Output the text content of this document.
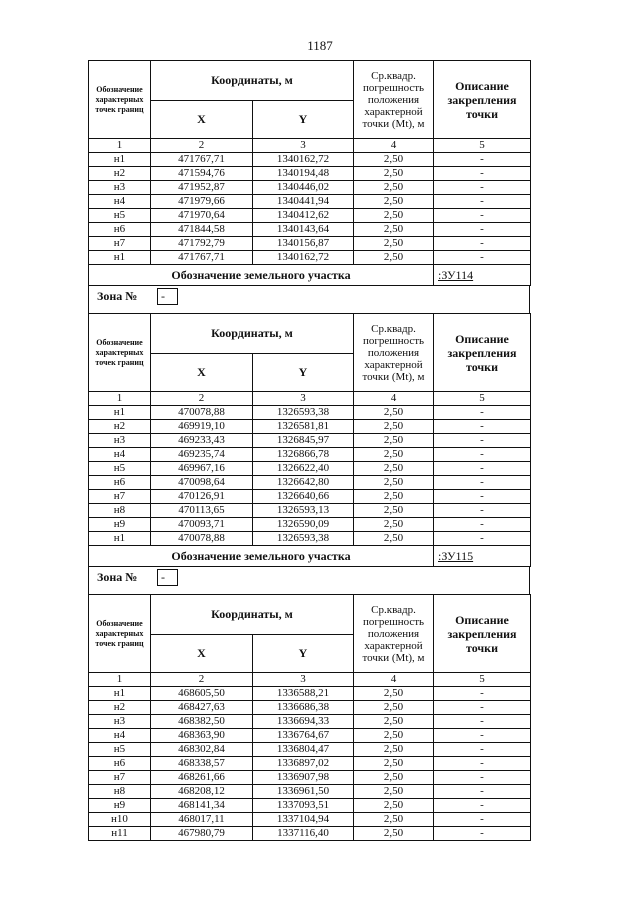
1187
Обозначение характерных точек границ	Координаты, м		Ср.квадр. погрешность положения характерной точки (Мt), м	Описание закрепления точки
	X	Y		
1	2	3	4	5
н1	471767,71	1340162,72	2,50	-
н2	471594,76	1340194,48	2,50	-
н3	471952,87	1340446,02	2,50	-
н4	471979,66	1340441,94	2,50	-
н5	471970,64	1340412,62	2,50	-
н6	471844,58	1340143,64	2,50	-
н7	471792,79	1340156,87	2,50	-
н1	471767,71	1340162,72	2,50	-
Обозначение земельного участка				:ЗУ114
Зона №	-
Обозначение характерных точек границ	Координаты, м		Ср.квадр. погрешность положения характерной точки (Мt), м	Описание закрепления точки
	X	Y		
1	2	3	4	5
н1	470078,88	1326593,38	2,50	-
н2	469919,10	1326581,81	2,50	-
н3	469233,43	1326845,97	2,50	-
н4	469235,74	1326866,78	2,50	-
н5	469967,16	1326622,40	2,50	-
н6	470098,64	1326642,80	2,50	-
н7	470126,91	1326640,66	2,50	-
н8	470113,65	1326593,13	2,50	-
н9	470093,71	1326590,09	2,50	-
н1	470078,88	1326593,38	2,50	-
Обозначение земельного участка				:ЗУ115
Зона №	-
Обозначение характерных точек границ	Координаты, м		Ср.квадр. погрешность положения характерной точки (Мt), м	Описание закрепления точки
	X	Y		
1	2	3	4	5
н1	468605,50	1336588,21	2,50	-
н2	468427,63	1336686,38	2,50	-
н3	468382,50	1336694,33	2,50	-
н4	468363,90	1336764,67	2,50	-
н5	468302,84	1336804,47	2,50	-
н6	468338,57	1336897,02	2,50	-
н7	468261,66	1336907,98	2,50	-
н8	468208,12	1336961,50	2,50	-
н9	468141,34	1337093,51	2,50	-
н10	468017,11	1337104,94	2,50	-
н11	467980,79	1337116,40	2,50	-
